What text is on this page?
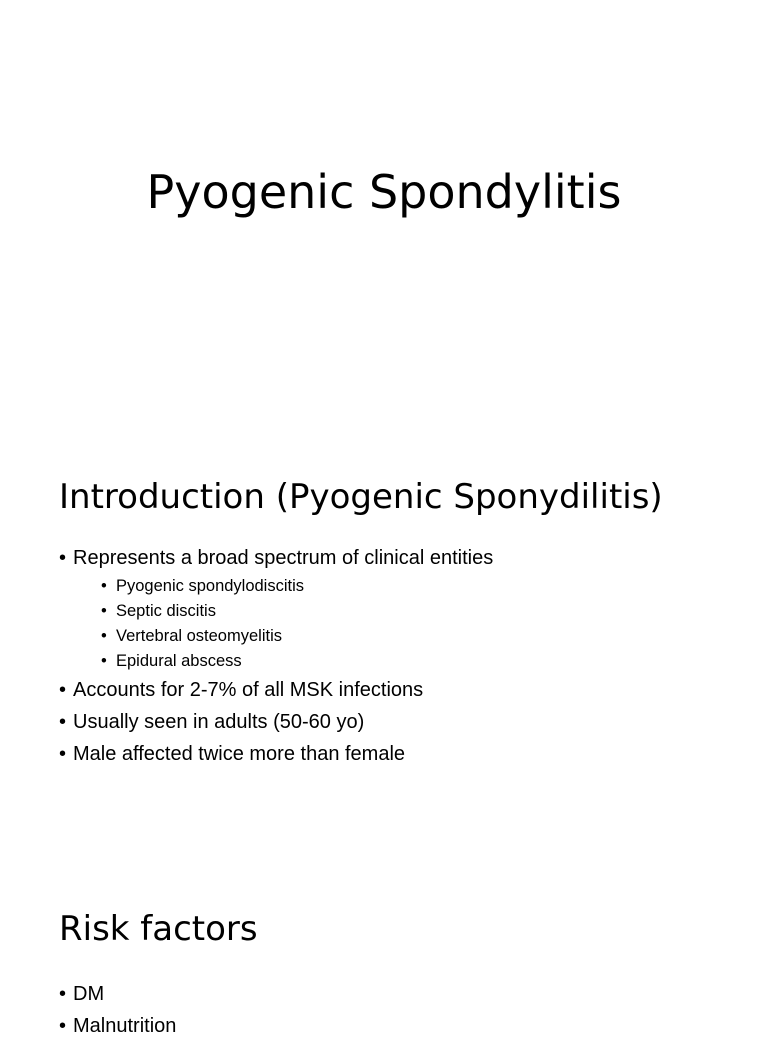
Pyogenic Spondylitis
Introduction (Pyogenic Sponydilitis)
• Represents a broad spectrum of clinical entities
• Pyogenic spondylodiscitis
• Septic discitis
• Vertebral osteomyelitis
• Epidural abscess
• Accounts for 2-7% of all MSK infections
• Usually seen in adults (50-60 yo)
• Male affected twice more than female
Risk factors
• DM
• Malnutrition
